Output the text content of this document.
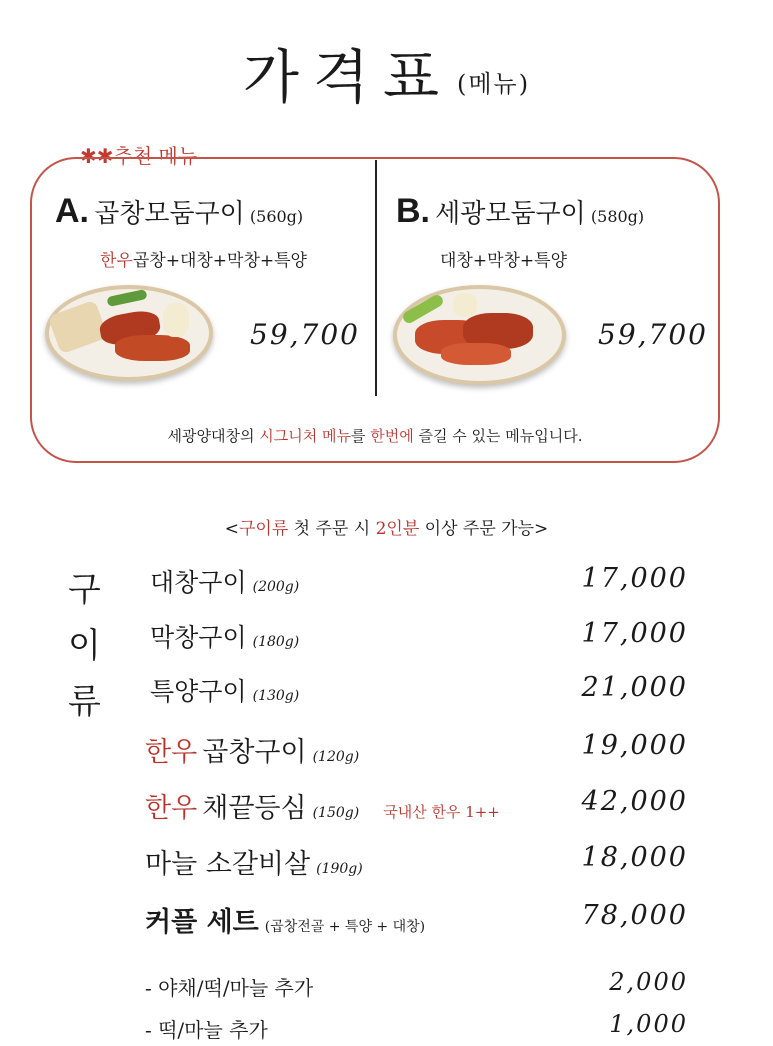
가격표 (메뉴)
✱✱추천 메뉴
A. 곱창모둠구이 (560g)
한우곱창+대창+막창+특양
59,700
B. 세광모둠구이 (580g)
대창+막창+특양
59,700
세광양대창의 시그니처 메뉴를 한번에 즐길 수 있는 메뉴입니다.
<구이류 첫 주문 시 2인분 이상 주문 가능>
구
이
류
대창구이 (200g)	17,000
막창구이 (180g)	17,000
특양구이 (130g)	21,000
한우 곱창구이 (120g)	19,000
한우 채끝등심 (150g) 국내산 한우 1++	42,000
마늘 소갈비살 (190g)	18,000
커플 세트 (곱창전골 + 특양 + 대창)	78,000
- 야채/떡/마늘 추가	2,000
- 떡/마늘 추가	1,000
